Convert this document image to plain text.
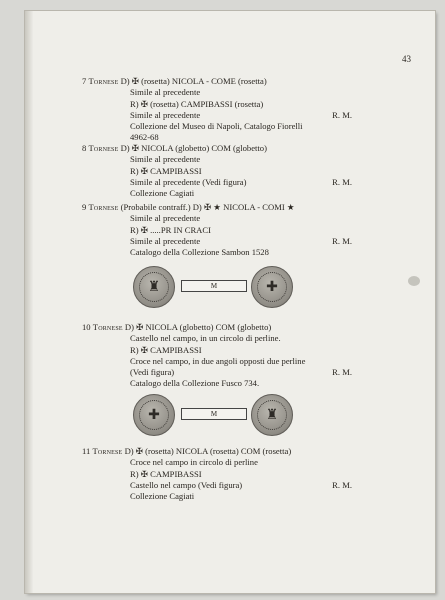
43
7 Tornese D) ✠ (rosetta) NICOLA - COME (rosetta)
Simile al precedente
R) ✠ (rosetta) CAMPIBASSI (rosetta)
Simile al precedente	R. M.
Collezione del Museo di Napoli, Catalogo Fiorelli
4962-68
8 Tornese D) ✠ NICOLA (globetto) COM (globetto)
Simile al precedente
R) ✠ CAMPIBASSI
Simile al precedente (Vedi figura)	R. M.
Collezione Cagiati
9 Tornese (Probabile contraff.) D) ✠ ★ NICOLA - COMI ★
Simile al precedente
R) ✠ .....PR IN CRACI
Simile al precedente	R. M.
Catalogo della Collezione Sambon 1528
♜	M	✚
10 Tornese D) ✠ NICOLA (globetto) COM (globetto)
Castello nel campo, in un circolo di perline.
R) ✠ CAMPIBASSI
Croce nel campo, in due angoli opposti due perline
(Vedi figura)	R. M.
Catalogo della Collezione Fusco 734.
✚	M	♜
11 Tornese D) ✠ (rosetta) NICOLA (rosetta) COM (rosetta)
Croce nel campo in circolo di perline
R) ✠ CAMPIBASSI
Castello nel campo (Vedi figura)	R. M.
Collezione Cagiati
